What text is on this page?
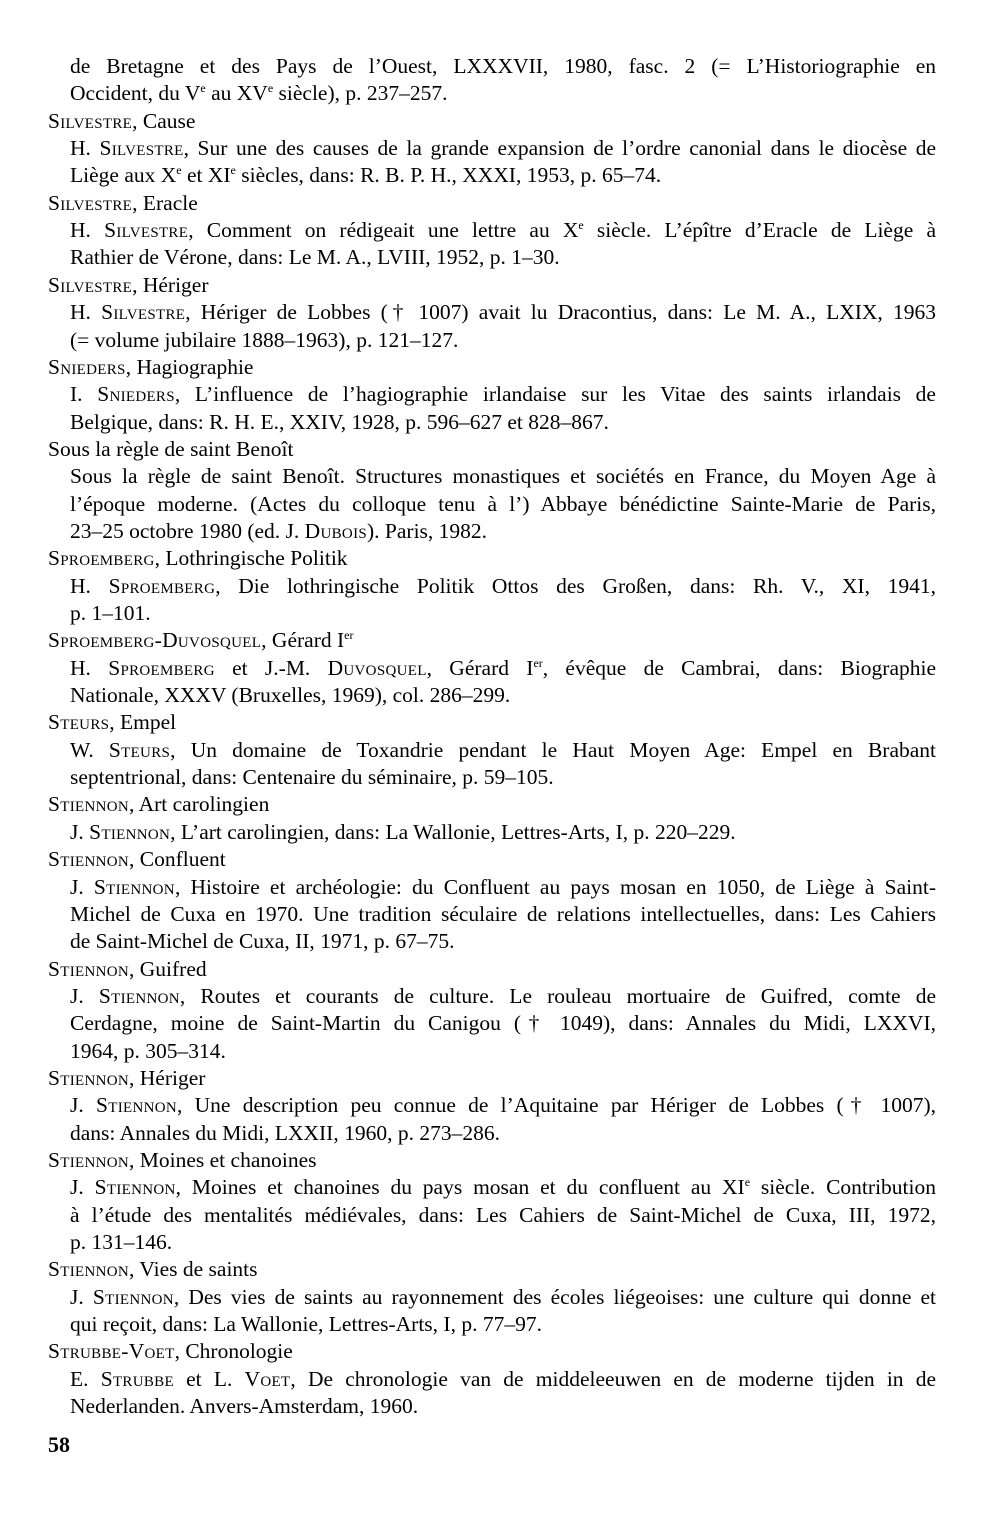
de Bretagne et des Pays de l’Ouest, LXXXVII, 1980, fasc. 2 (= L’Historiographie en
Occident, du Ve au XVe siècle), p. 237–257.
Silvestre, Cause
H. Silvestre, Sur une des causes de la grande expansion de l’ordre canonial dans le diocèse de
Liège aux Xe et XIe siècles, dans: R. B. P. H., XXXI, 1953, p. 65–74.
Silvestre, Eracle
H. Silvestre, Comment on rédigeait une lettre au Xe siècle. L’épître d’Eracle de Liège à
Rathier de Vérone, dans: Le M. A., LVIII, 1952, p. 1–30.
Silvestre, Hériger
H. Silvestre, Hériger de Lobbes († 1007) avait lu Dracontius, dans: Le M. A., LXIX, 1963
(= volume jubilaire 1888–1963), p. 121–127.
Snieders, Hagiographie
I. Snieders, L’influence de l’hagiographie irlandaise sur les Vitae des saints irlandais de
Belgique, dans: R. H. E., XXIV, 1928, p. 596–627 et 828–867.
Sous la règle de saint Benoît
Sous la règle de saint Benoît. Structures monastiques et sociétés en France, du Moyen Age à
l’époque moderne. (Actes du colloque tenu à l’) Abbaye bénédictine Sainte-Marie de Paris,
23–25 octobre 1980 (ed. J. Dubois). Paris, 1982.
Sproemberg, Lothringische Politik
H. Sproemberg, Die lothringische Politik Ottos des Großen, dans: Rh. V., XI, 1941,
p. 1–101.
Sproemberg-Duvosquel, Gérard Ier
H. Sproemberg et J.-M. Duvosquel, Gérard Ier, évêque de Cambrai, dans: Biographie
Nationale, XXXV (Bruxelles, 1969), col. 286–299.
Steurs, Empel
W. Steurs, Un domaine de Toxandrie pendant le Haut Moyen Age: Empel en Brabant
septentrional, dans: Centenaire du séminaire, p. 59–105.
Stiennon, Art carolingien
J. Stiennon, L’art carolingien, dans: La Wallonie, Lettres-Arts, I, p. 220–229.
Stiennon, Confluent
J. Stiennon, Histoire et archéologie: du Confluent au pays mosan en 1050, de Liège à Saint-
Michel de Cuxa en 1970. Une tradition séculaire de relations intellectuelles, dans: Les Cahiers
de Saint-Michel de Cuxa, II, 1971, p. 67–75.
Stiennon, Guifred
J. Stiennon, Routes et courants de culture. Le rouleau mortuaire de Guifred, comte de
Cerdagne, moine de Saint-Martin du Canigou († 1049), dans: Annales du Midi, LXXVI,
1964, p. 305–314.
Stiennon, Hériger
J. Stiennon, Une description peu connue de l’Aquitaine par Hériger de Lobbes († 1007),
dans: Annales du Midi, LXXII, 1960, p. 273–286.
Stiennon, Moines et chanoines
J. Stiennon, Moines et chanoines du pays mosan et du confluent au XIe siècle. Contribution
à l’étude des mentalités médiévales, dans: Les Cahiers de Saint-Michel de Cuxa, III, 1972,
p. 131–146.
Stiennon, Vies de saints
J. Stiennon, Des vies de saints au rayonnement des écoles liégeoises: une culture qui donne et
qui reçoit, dans: La Wallonie, Lettres-Arts, I, p. 77–97.
Strubbe-Voet, Chronologie
E. Strubbe et L. Voet, De chronologie van de middeleeuwen en de moderne tijden in de
Nederlanden. Anvers-Amsterdam, 1960.
58
